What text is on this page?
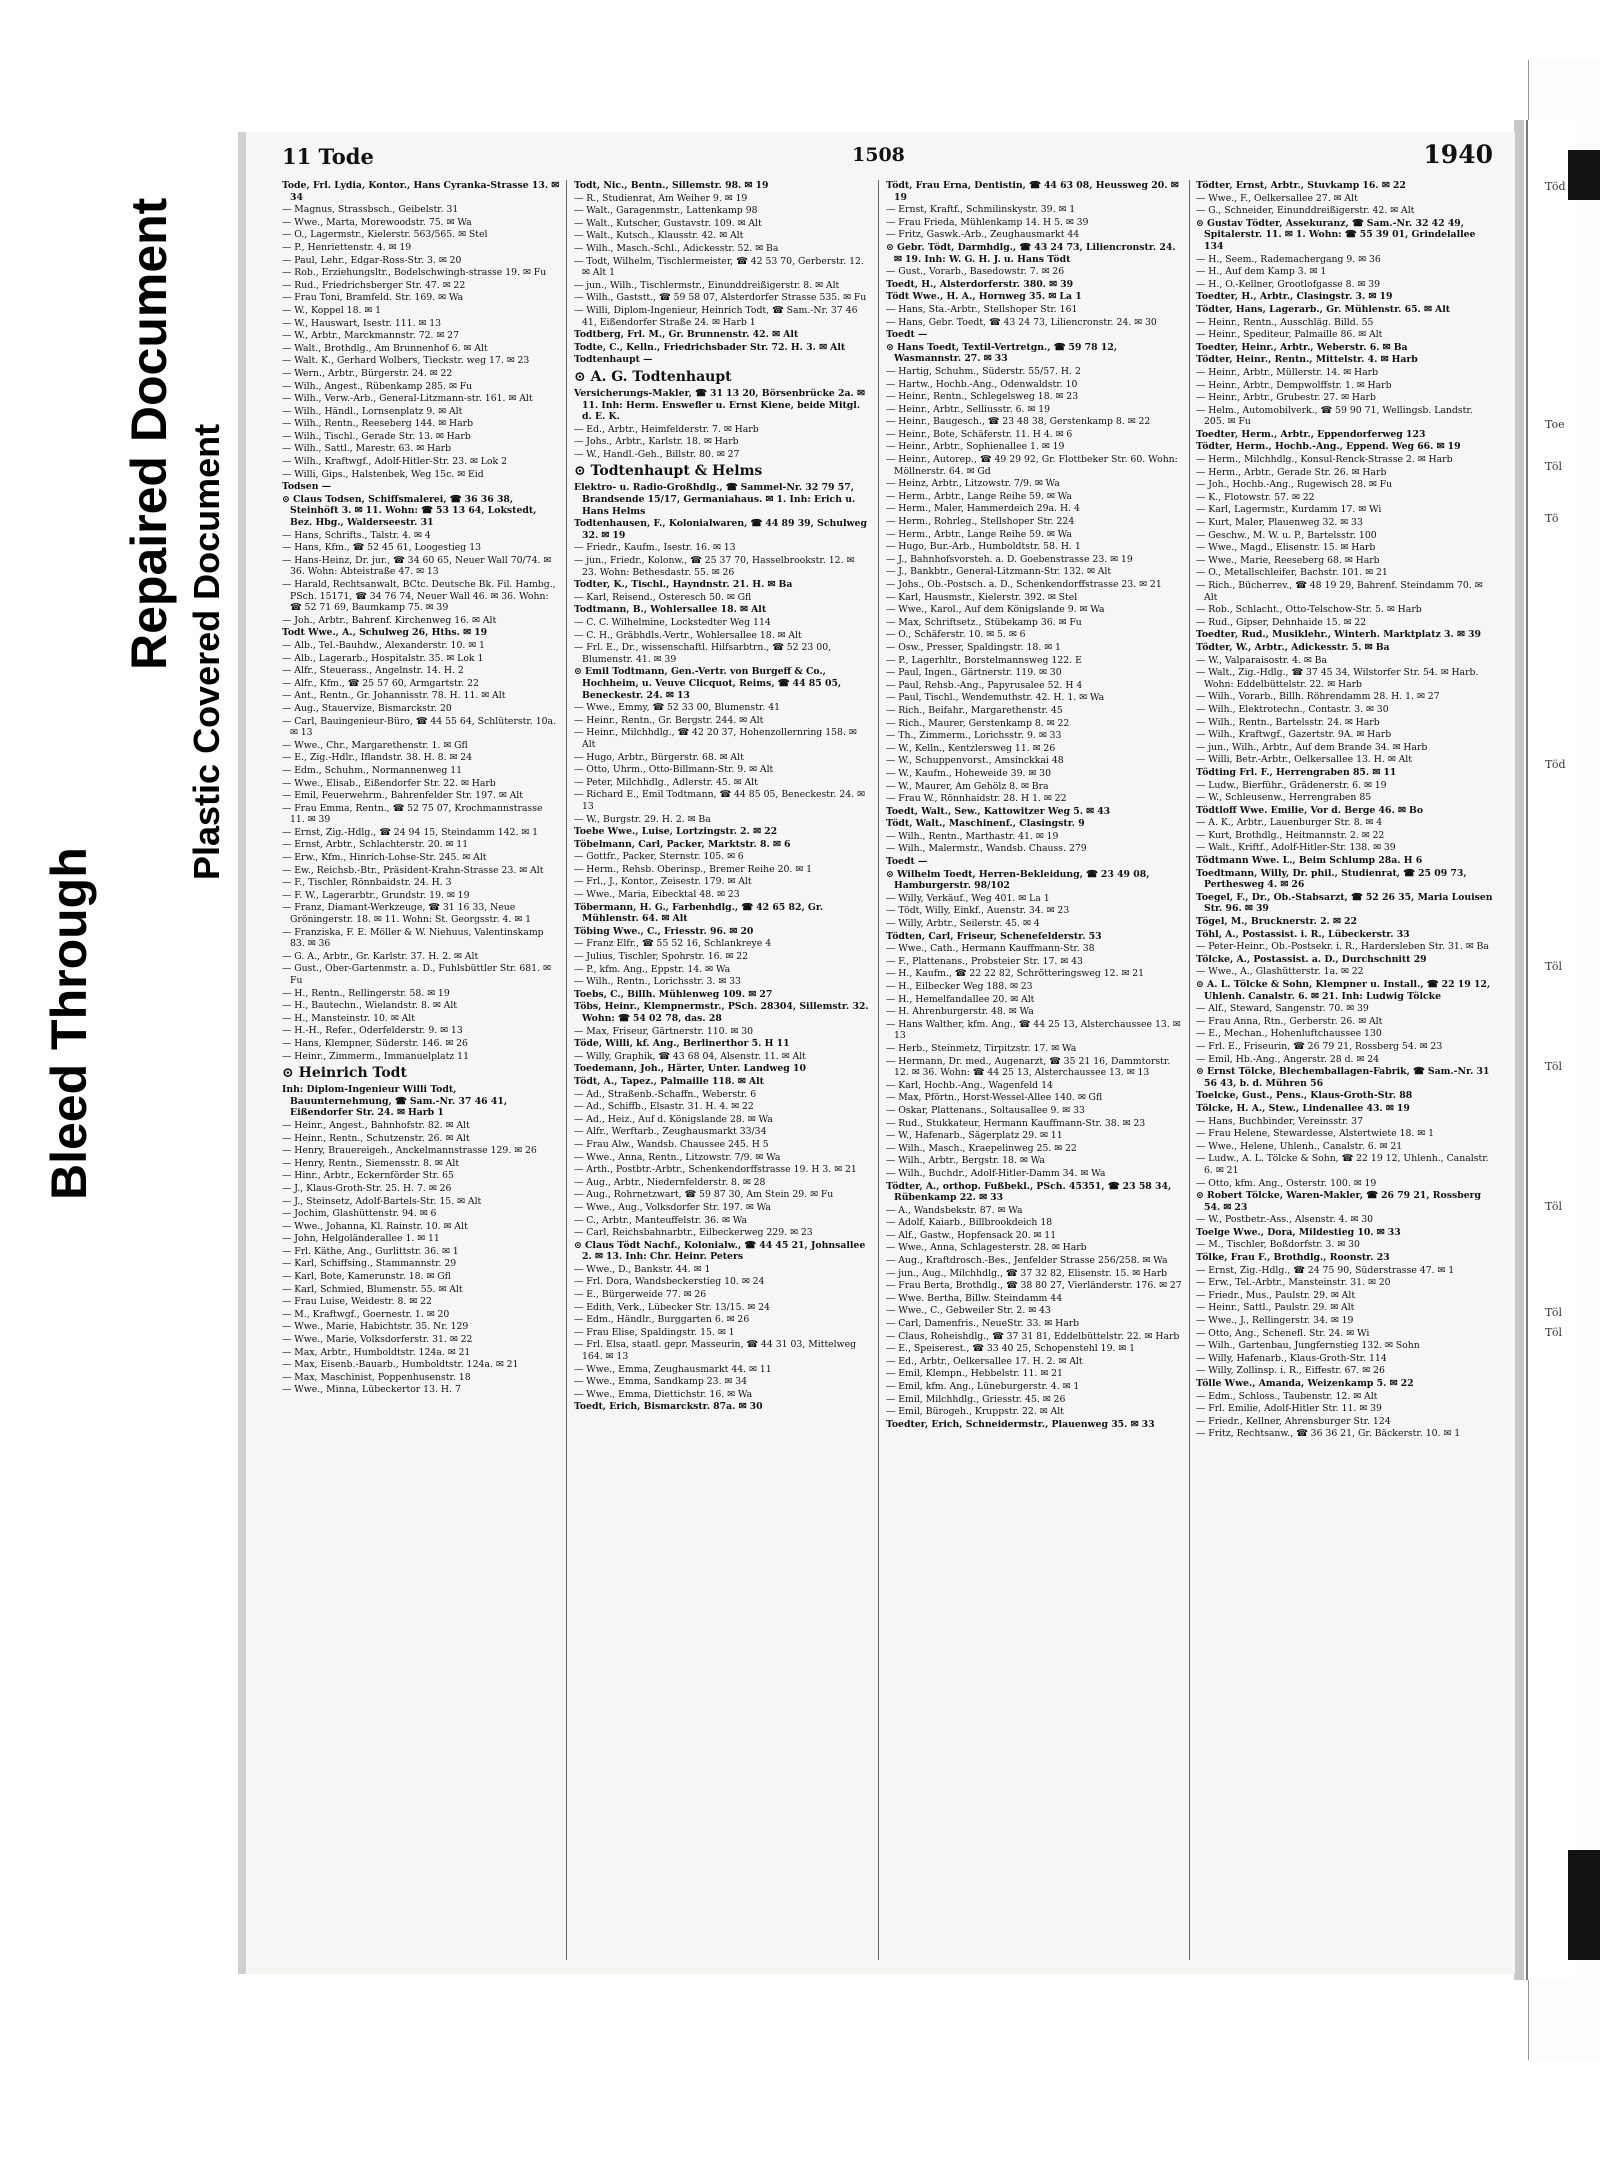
Bleed Through
Repaired Document Plastic Covered Document
Töd
Toe
Töl
Tö
Töd
Töl
Töl
Töl
Töl
Töl
11 Tode	1508	1940
Tode, Frl. Lydia, Kontor., Hans Cyranka-Strasse 13. ✉ 34
— Magnus, Strassbsch., Geibelstr. 31
— Wwe., Marta, Morewoodstr. 75. ✉ Wa
— O., Lagermstr., Kielerstr. 563/565. ✉ Stel
— P., Henriettenstr. 4. ✉ 19
— Paul, Lehr., Edgar-Ross-Str. 3. ✉ 20
— Rob., Erziehungsltr., Bodelschwingh-strasse 19. ✉ Fu
— Rud., Friedrichsberger Str. 47. ✉ 22
— Frau Toni, Bramfeld. Str. 169. ✉ Wa
— W., Koppel 18. ✉ 1
— W., Hauswart, Isestr. 111. ✉ 13
— W., Arbtr., Marckmannstr. 72. ✉ 27
— Walt., Brothdlg., Am Brunnenhof 6. ✉ Alt
— Walt. K., Gerhard Wolbers, Tieckstr. weg 17. ✉ 23
— Wern., Arbtr., Bürgerstr. 24. ✉ 22
— Wilh., Angest., Rübenkamp 285. ✉ Fu
— Wilh., Verw.-Arb., General-Litzmann-str. 161. ✉ Alt
— Wilh., Händl., Lornsenplatz 9. ✉ Alt
— Wilh., Rentn., Reeseberg 144. ✉ Harb
— Wilh., Tischl., Gerade Str. 13. ✉ Harb
— Wilh., Sattl., Marestr. 63. ✉ Harb
— Wilh., Kraftwgf., Adolf-Hitler-Str. 23. ✉ Lok 2
— Willi, Gips., Halstenbek, Weg 15c. ✉ Eid
Todsen —
⊙ Claus Todsen, Schiffsmalerei, ☎ 36 36 38, Steinhöft 3. ✉ 11. Wohn: ☎ 53 13 64, Lokstedt, Bez. Hbg., Walderseestr. 31
— Hans, Schrifts., Talstr. 4. ✉ 4
— Hans, Kfm., ☎ 52 45 61, Loogestieg 13
— Hans-Heinz, Dr. jur., ☎ 34 60 65, Neuer Wall 70/74. ✉ 36. Wohn: Abteistraße 47. ✉ 13
— Harald, Rechtsanwalt, BCtc. Deutsche Bk. Fil. Hambg., PSch. 15171, ☎ 34 76 74, Neuer Wall 46. ✉ 36. Wohn: ☎ 52 71 69, Baumkamp 75. ✉ 39
— Joh., Arbtr., Bahrenf. Kirchenweg 16. ✉ Alt
Todt Wwe., A., Schulweg 26, Hths. ✉ 19
— Alb., Tel.-Bauhdw., Alexanderstr. 10. ✉ 1
— Alb., Lagerarb., Hospitalstr. 35. ✉ Lok 1
— Alfr., Steuerass., Angelnstr. 14. H. 2
— Alfr., Kfm., ☎ 25 57 60, Armgartstr. 22
— Ant., Rentn., Gr. Johannisstr. 78. H. 11. ✉ Alt
— Aug., Stauervize, Bismarckstr. 20
— Carl, Bauingenieur-Büro, ☎ 44 55 64, Schlüterstr. 10a. ✉ 13
— Wwe., Chr., Margarethenstr. 1. ✉ Gfl
— E., Zig.-Hdlr., Iflandstr. 38. H. 8. ✉ 24
— Edm., Schuhm., Normannenweg 11
— Wwe., Elisab., Eißendorfer Str. 22. ✉ Harb
— Emil, Feuerwehrm., Bahrenfelder Str. 197. ✉ Alt
— Frau Emma, Rentn., ☎ 52 75 07, Krochmannstrasse 11. ✉ 39
— Ernst, Zig.-Hdlg., ☎ 24 94 15, Steindamm 142. ✉ 1
— Ernst, Arbtr., Schlachterstr. 20. ✉ 11
— Erw., Kfm., Hinrich-Lohse-Str. 245. ✉ Alt
— Ew., Reichsb.-Btr., Präsident-Krahn-Strasse 23. ✉ Alt
— F., Tischler, Rönnbaidstr. 24. H. 3
— F. W., Lagerarbtr., Grundstr. 19. ✉ 19
— Franz, Diamant-Werkzeuge, ☎ 31 16 33, Neue Gröningerstr. 18. ✉ 11. Wohn: St. Georgsstr. 4. ✉ 1
— Franziska, F. E. Möller & W. Niehuus, Valentinskamp 83. ✉ 36
— G. A., Arbtr., Gr. Karlstr. 37. H. 2. ✉ Alt
— Gust., Ober-Gartenmstr. a. D., Fuhlsbüttler Str. 681. ✉ Fu
— H., Rentn., Rellingerstr. 58. ✉ 19
— H., Bautechn., Wielandstr. 8. ✉ Alt
— H., Mansteinstr. 10. ✉ Alt
— H.-H., Refer., Oderfelderstr. 9. ✉ 13
— Hans, Klempner, Süderstr. 146. ✉ 26
— Heinr., Zimmerm., Immanuelplatz 11
⊙ Heinrich Todt
Inh: Diplom-Ingenieur Willi Todt, Bauunternehmung, ☎ Sam.-Nr. 37 46 41, Eißendorfer Str. 24. ✉ Harb 1
— Heinr., Angest., Bahnhofstr. 82. ✉ Alt
— Heinr., Rentn., Schutzenstr. 26. ✉ Alt
— Henry, Brauereigeh., Anckelmannstrasse 129. ✉ 26
— Henry, Rentn., Siemensstr. 8. ✉ Alt
— Hinr., Arbtr., Eckernförder Str. 65
— J., Klaus-Groth-Str. 25. H. 7. ✉ 26
— J., Steinsetz, Adolf-Bartels-Str. 15. ✉ Alt
— Jochim, Glashüttenstr. 94. ✉ 6
— Wwe., Johanna, Kl. Rainstr. 10. ✉ Alt
— John, Helgoländerallee 1. ✉ 11
— Frl. Käthe, Ang., Gurlittstr. 36. ✉ 1
— Karl, Schiffsing., Stammannstr. 29
— Karl, Bote, Kamerunstr. 18. ✉ Gfl
— Karl, Schmied, Blumenstr. 55. ✉ Alt
— Frau Luise, Weidestr. 8. ✉ 22
— M., Kraftwgf., Goernestr. 1. ✉ 20
— Wwe., Marie, Habichtstr. 35. Nr. 129
— Wwe., Marie, Volksdorferstr. 31. ✉ 22
— Max, Arbtr., Humboldtstr. 124a. ✉ 21
— Max, Eisenb.-Bauarb., Humboldtstr. 124a. ✉ 21
— Max, Maschinist, Poppenhusenstr. 18
— Wwe., Minna, Lübeckertor 13. H. 7
Todt, Nic., Bentn., Sillemstr. 98. ✉ 19
— R., Studienrat, Am Weiher 9. ✉ 19
— Walt., Garagenmstr., Lattenkamp 98
— Walt., Kutscher, Gustavstr. 109. ✉ Alt
— Walt., Kutsch., Klausstr. 42. ✉ Alt
— Wilh., Masch.-Schl., Adickesstr. 52. ✉ Ba
— Todt, Wilhelm, Tischlermeister, ☎ 42 53 70, Gerberstr. 12. ✉ Alt 1
— jun., Wilh., Tischlermstr., Einunddreißigerstr. 8. ✉ Alt
— Wilh., Gaststt., ☎ 59 58 07, Alsterdorfer Strasse 535. ✉ Fu
— Willi, Diplom-Ingenieur, Heinrich Todt, ☎ Sam.-Nr. 37 46 41, Eißendorfer Straße 24. ✉ Harb 1
Todtberg, Frl. M., Gr. Brunnenstr. 42. ✉ Alt
Todte, C., Kelln., Friedrichsbader Str. 72. H. 3. ✉ Alt
Todtenhaupt —
⊙ A. G. Todtenhaupt
Versicherungs-Makler, ☎ 31 13 20, Börsenbrücke 2a. ✉ 11. Inh: Herm. Enswefler u. Ernst Kiene, beide Mitgl. d. E. K.
— Ed., Arbtr., Heimfelderstr. 7. ✉ Harb
— Johs., Arbtr., Karlstr. 18. ✉ Harb
— W., Handl.-Geh., Billstr. 80. ✉ 27
⊙ Todtenhaupt & Helms
Elektro- u. Radio-Großhdlg., ☎ Sammel-Nr. 32 79 57, Brandsende 15/17, Germaniahaus. ✉ 1. Inh: Erich u. Hans Helms
Todtenhausen, F., Kolonialwaren, ☎ 44 89 39, Schulweg 32. ✉ 19
— Friedr., Kaufm., Isestr. 16. ✉ 13
— jun., Friedr., Kolonw., ☎ 25 37 70, Hasselbrookstr. 12. ✉ 23. Wohn: Bethesdastr. 55. ✉ 26
Todter, K., Tischl., Hayndnstr. 21. H. ✉ Ba
— Karl, Reisend., Osteresch 50. ✉ Gfl
Todtmann, B., Wohlersallee 18. ✉ Alt
— C. C. Wilhelmine, Lockstedter Weg 114
— C. H., Gräbhdls.-Vertr., Wohlersallee 18. ✉ Alt
— Frl. E., Dr., wissenschaftl. Hilfsarbtrn., ☎ 52 23 00, Blumenstr. 41. ✉ 39
⊙ Emil Todtmann, Gen.-Vertr. von Burgeff & Co., Hochheim, u. Veuve Clicquot, Reims, ☎ 44 85 05, Beneckestr. 24. ✉ 13
— Wwe., Emmy, ☎ 52 33 00, Blumenstr. 41
— Heinr., Rentn., Gr. Bergstr. 244. ✉ Alt
— Heinr., Milchhdlg., ☎ 42 20 37, Hohenzollernring 158. ✉ Alt
— Hugo, Arbtr., Bürgerstr. 68. ✉ Alt
— Otto, Uhrm., Otto-Billmann-Str. 9. ✉ Alt
— Peter, Milchhdlg., Adlerstr. 45. ✉ Alt
— Richard E., Emil Todtmann, ☎ 44 85 05, Beneckestr. 24. ✉ 13
— W., Burgstr. 29. H. 2. ✉ Ba
Toebe Wwe., Luise, Lortzingstr. 2. ✉ 22
Töbelmann, Carl, Packer, Marktstr. 8. ✉ 6
— Gottfr., Packer, Sternstr. 105. ✉ 6
— Herm., Rehsb. Oberinsp., Bremer Reihe 20. ✉ 1
— Frl., J., Kontor., Zeisestr. 179. ✉ Alt
— Wwe., Maria, Eibecktal 48. ✉ 23
Töbermann, H. G., Farbenhdlg., ☎ 42 65 82, Gr. Mühlenstr. 64. ✉ Alt
Töbing Wwe., C., Friesstr. 96. ✉ 20
— Franz Elfr., ☎ 55 52 16, Schlankreye 4
— Julius, Tischler, Spohrstr. 16. ✉ 22
— P., kfm. Ang., Eppstr. 14. ✉ Wa
— Wilh., Rentn., Lorichsstr. 3. ✉ 33
Toebs, C., Billh. Mühlenweg 109. ✉ 27
Töbs, Heinr., Klempnermstr., PSch. 28304, Sillemstr. 32. Wohn: ☎ 54 02 78, das. 28
— Max, Friseur, Gärtnerstr. 110. ✉ 30
Töde, Willi, kf. Ang., Berlinerthor 5. H 11
— Willy, Graphik, ☎ 43 68 04, Alsenstr. 11. ✉ Alt
Toedemann, Joh., Härter, Unter. Landweg 10
Tödt, A., Tapez., Palmaille 118. ✉ Alt
— Ad., Straßenb.-Schaffn., Weberstr. 6
— Ad., Schiffb., Elsastr. 31. H. 4. ✉ 22
— Ad., Heiz., Auf d. Königslande 28. ✉ Wa
— Alfr., Werftarb., Zeughausmarkt 33/34
— Frau Alw., Wandsb. Chaussee 245. H 5
— Wwe., Anna, Rentn., Litzowstr. 7/9. ✉ Wa
— Arth., Postbtr.-Arbtr., Schenkendorffstrasse 19. H 3. ✉ 21
— Aug., Arbtr., Niedernfelderstr. 8. ✉ 28
— Aug., Rohrnetzwart, ☎ 59 87 30, Am Stein 29. ✉ Fu
— Wwe., Aug., Volksdorfer Str. 197. ✉ Wa
— C., Arbtr., Manteuffelstr. 36. ✉ Wa
— Carl, Reichsbahnarbtr., Eilbeckerweg 229. ✉ 23
⊙ Claus Tödt Nachf., Kolonialw., ☎ 44 45 21, Johnsallee 2. ✉ 13. Inh: Chr. Heinr. Peters
— Wwe., D., Bankstr. 44. ✉ 1
— Frl. Dora, Wandsbeckerstieg 10. ✉ 24
— E., Bürgerweide 77. ✉ 26
— Edith, Verk., Lübecker Str. 13/15. ✉ 24
— Edm., Händlr., Burggarten 6. ✉ 26
— Frau Elise, Spaldingstr. 15. ✉ 1
— Frl. Elsa, staatl. gepr. Masseurin, ☎ 44 31 03, Mittelweg 164. ✉ 13
— Wwe., Emma, Zeughausmarkt 44. ✉ 11
— Wwe., Emma, Sandkamp 23. ✉ 34
— Wwe., Emma, Diettichstr. 16. ✉ Wa
Toedt, Erich, Bismarckstr. 87a. ✉ 30
Tödt, Frau Erna, Dentistin, ☎ 44 63 08, Heussweg 20. ✉ 19
— Ernst, Kraftf., Schmilinskystr. 39. ✉ 1
— Frau Frieda, Mühlenkamp 14. H 5. ✉ 39
— Fritz, Gaswk.-Arb., Zeughausmarkt 44
⊙ Gebr. Tödt, Darmhdlg., ☎ 43 24 73, Liliencronstr. 24. ✉ 19. Inh: W. G. H. J. u. Hans Tödt
— Gust., Vorarb., Basedowstr. 7. ✉ 26
Toedt, H., Alsterdorferstr. 380. ✉ 39
Tödt Wwe., H. A., Hornweg 35. ✉ La 1
— Hans, Sta.-Arbtr., Stellshoper Str. 161
— Hans, Gebr. Toedt, ☎ 43 24 73, Liliencronstr. 24. ✉ 30
Toedt —
⊙ Hans Toedt, Textil-Vertretgn., ☎ 59 78 12, Wasmannstr. 27. ✉ 33
— Hartig, Schuhm., Süderstr. 55/57. H. 2
— Hartw., Hochb.-Ang., Odenwaldstr. 10
— Heinr., Rentn., Schlegelsweg 18. ✉ 23
— Heinr., Arbtr., Selliusstr. 6. ✉ 19
— Heinr., Baugesch., ☎ 23 48 38, Gerstenkamp 8. ✉ 22
— Heinr., Bote, Schäferstr. 11. H 4. ✉ 6
— Heinr., Arbtr., Sophienallee 1. ✉ 19
— Heinr., Autorep., ☎ 49 29 92, Gr. Flottbeker Str. 60. Wohn: Möllnerstr. 64. ✉ Gd
— Heinz, Arbtr., Litzowstr. 7/9. ✉ Wa
— Herm., Arbtr., Lange Reihe 59. ✉ Wa
— Herm., Maler, Hammerdeich 29a. H. 4
— Herm., Rohrleg., Stellshoper Str. 224
— Herm., Arbtr., Lange Reihe 59. ✉ Wa
— Hugo, Bur.-Arb., Humboldtstr. 58. H. 1
— J., Bahnhofsvorsteh. a. D. Goebenstrasse 23. ✉ 19
— J., Bankbtr., General-Litzmann-Str. 132. ✉ Alt
— Johs., Ob.-Postsch. a. D., Schenkendorffstrasse 23. ✉ 21
— Karl, Hausmstr., Kielerstr. 392. ✉ Stel
— Wwe., Karol., Auf dem Königslande 9. ✉ Wa
— Max, Schriftsetz., Stübekamp 36. ✉ Fu
— O., Schäferstr. 10. ✉ 5. ✉ 6
— Osw., Presser, Spaldingstr. 18. ✉ 1
— P., Lagerhltr., Borstelmannsweg 122. E
— Paul, Ingen., Gärtnerstr. 119. ✉ 30
— Paul, Rehsb.-Ang., Papyrusalee 52. H 4
— Paul, Tischl., Wendemuthstr. 42. H. 1. ✉ Wa
— Rich., Beifahr., Margarethenstr. 45
— Rich., Maurer, Gerstenkamp 8. ✉ 22
— Th., Zimmerm., Lorichsstr. 9. ✉ 33
— W., Kelln., Kentzlersweg 11. ✉ 26
— W., Schuppenvorst., Amsinckkai 48
— W., Kaufm., Hoheweide 39. ✉ 30
— W., Maurer, Am Gehölz 8. ✉ Bra
— Frau W., Rönnhaidstr. 28. H 1. ✉ 22
Toedt, Walt., Sew., Kattowitzer Weg 5. ✉ 43
Tödt, Walt., Maschinenf., Clasingstr. 9
— Wilh., Rentn., Marthastr. 41. ✉ 19
— Wilh., Malermstr., Wandsb. Chauss. 279
Toedt —
⊙ Wilhelm Toedt, Herren-Bekleidung, ☎ 23 49 08, Hamburgerstr. 98/102
— Willy, Verkäuf., Weg 401. ✉ La 1
— Tödt, Willy, Einkf., Auenstr. 34. ✉ 23
— Willy, Arbtr., Seilerstr. 45. ✉ 4
Tödten, Carl, Friseur, Schenefelderstr. 53
— Wwe., Cath., Hermann Kauffmann-Str. 38
— F., Plattenans., Probsteier Str. 17. ✉ 43
— H., Kaufm., ☎ 22 22 82, Schrötteringsweg 12. ✉ 21
— H., Eilbecker Weg 188. ✉ 23
— H., Hemelfandallee 20. ✉ Alt
— H. Ahrenburgerstr. 48. ✉ Wa
— Hans Walther, kfm. Ang., ☎ 44 25 13, Alsterchaussee 13. ✉ 13
— Herb., Steinmetz, Tirpitzstr. 17. ✉ Wa
— Hermann, Dr. med., Augenarzt, ☎ 35 21 16, Dammtorstr. 12. ✉ 36. Wohn: ☎ 44 25 13, Alsterchaussee 13. ✉ 13
— Karl, Hochb.-Ang., Wagenfeld 14
— Max, Pförtn., Horst-Wessel-Allee 140. ✉ Gfl
— Oskar, Plattenans., Soltausallee 9. ✉ 33
— Rud., Stukkateur, Hermann Kauffmann-Str. 38. ✉ 23
— W., Hafenarb., Sägerplatz 29. ✉ 11
— Wilh., Masch., Kraepelinweg 25. ✉ 22
— Wilh., Arbtr., Bergstr. 18. ✉ Wa
— Wilh., Buchdr., Adolf-Hitler-Damm 34. ✉ Wa
Tödter, A., orthop. Fußbekl., PSch. 45351, ☎ 23 58 34, Rübenkamp 22. ✉ 33
— A., Wandsbekstr. 87. ✉ Wa
— Adolf, Kaiarb., Billbrookdeich 18
— Alf., Gastw., Hopfensack 20. ✉ 11
— Wwe., Anna, Schlagesterstr. 28. ✉ Harb
— Aug., Kraftdrosch.-Bes., Jenfelder Strasse 256/258. ✉ Wa
— jun., Aug., Milchhdlg., ☎ 37 32 82, Elisenstr. 15. ✉ Harb
— Frau Berta, Brothdlg., ☎ 38 80 27, Vierländerstr. 176. ✉ 27
— Wwe. Bertha, Billw. Steindamm 44
— Wwe., C., Gebweiler Str. 2. ✉ 43
— Carl, Damenfris., NeueStr. 33. ✉ Harb
— Claus, Roheishdlg., ☎ 37 31 81, Eddelbüttelstr. 22. ✉ Harb
— E., Speiserest., ☎ 33 40 25, Schopenstehl 19. ✉ 1
— Ed., Arbtr., Oelkersallee 17. H. 2. ✉ Alt
— Emil, Klempn., Hebbelstr. 11. ✉ 21
— Emil, kfm. Ang., Lüneburgerstr. 4. ✉ 1
— Emil, Milchhdlg., Griesstr. 45. ✉ 26
— Emil, Bürogeh., Kruppstr. 22. ✉ Alt
Toedter, Erich, Schneidermstr., Plauenweg 35. ✉ 33
Tödter, Ernst, Arbtr., Stuvkamp 16. ✉ 22
— Wwe., F., Oelkersallee 27. ✉ Alt
— G., Schneider, Einunddreißigerstr. 42. ✉ Alt
⊙ Gustav Tödter, Assekuranz, ☎ Sam.-Nr. 32 42 49, Spitalerstr. 11. ✉ 1. Wohn: ☎ 55 39 01, Grindelallee 134
— H., Seem., Rademachergang 9. ✉ 36
— H., Auf dem Kamp 3. ✉ 1
— H., O.-Kellner, Grootlofgasse 8. ✉ 39
Toedter, H., Arbtr., Clasingstr. 3. ✉ 19
Tödter, Hans, Lagerarb., Gr. Mühlenstr. 65. ✉ Alt
— Heinr., Rentn., Ausschläg. Billd. 55
— Heinr., Spediteur, Palmaille 86. ✉ Alt
Toedter, Heinr., Arbtr., Weberstr. 6. ✉ Ba
Tödter, Heinr., Rentn., Mittelstr. 4. ✉ Harb
— Heinr., Arbtr., Müllerstr. 14. ✉ Harb
— Heinr., Arbtr., Dempwolffstr. 1. ✉ Harb
— Heinr., Arbtr., Grubestr. 27. ✉ Harb
— Helm., Automobilverk., ☎ 59 90 71, Wellingsb. Landstr. 205. ✉ Fu
Toedter, Herm., Arbtr., Eppendorferweg 123
Tödter, Herm., Hochb.-Ang., Eppend. Weg 66. ✉ 19
— Herm., Milchhdlg., Konsul-Renck-Strasse 2. ✉ Harb
— Herm., Arbtr., Gerade Str. 26. ✉ Harb
— Joh., Hochb.-Ang., Rugewisch 28. ✉ Fu
— K., Flotowstr. 57. ✉ 22
— Karl, Lagermstr., Kurdamm 17. ✉ Wi
— Kurt, Maler, Plauenweg 32. ✉ 33
— Geschw., M. W. u. P., Bartelsstr. 100
— Wwe., Magd., Elisenstr. 15. ✉ Harb
— Wwe., Marie, Reeseberg 68. ✉ Harb
— O., Metallschleifer, Bachstr. 101. ✉ 21
— Rich., Bücherrev., ☎ 48 19 29, Bahrenf. Steindamm 70. ✉ Alt
— Rob., Schlacht., Otto-Telschow-Str. 5. ✉ Harb
— Rud., Gipser, Dehnhaide 15. ✉ 22
Toedter, Rud., Musiklehr., Winterh. Marktplatz 3. ✉ 39
Tödter, W., Arbtr., Adickesstr. 5. ✉ Ba
— W., Valparaisostr. 4. ✉ Ba
— Walt., Zig.-Hdlg., ☎ 37 45 34, Wilstorfer Str. 54. ✉ Harb. Wohn: Eddelbüttelstr. 22. ✉ Harb
— Wilh., Vorarb., Billh. Röhrendamm 28. H. 1. ✉ 27
— Wilh., Elektrotechn., Contastr. 3. ✉ 30
— Wilh., Rentn., Bartelsstr. 24. ✉ Harb
— Wilh., Kraftwgf., Gazertstr. 9A. ✉ Harb
— jun., Wilh., Arbtr., Auf dem Brande 34. ✉ Harb
— Willi, Betr.-Arbtr., Oelkersallee 13. H. ✉ Alt
Tödting Frl. F., Herrengraben 85. ✉ 11
— Ludw., Bierführ., Grädenerstr. 6. ✉ 19
— W., Schleusenw., Herrengraben 85
Tödtloff Wwe. Emilie, Vor d. Berge 46. ✉ Bo
— A. K., Arbtr., Lauenburger Str. 8. ✉ 4
— Kurt, Brothdlg., Heitmannstr. 2. ✉ 22
— Walt., Kriftf., Adolf-Hitler-Str. 138. ✉ 39
Tödtmann Wwe. L., Beim Schlump 28a. H 6
Toedtmann, Willy, Dr. phil., Studienrat, ☎ 25 09 73, Perthesweg 4. ✉ 26
Toegel, F., Dr., Ob.-Stabsarzt, ☎ 52 26 35, Maria Louisen Str. 96. ✉ 39
Tögel, M., Brucknerstr. 2. ✉ 22
Töhl, A., Postassist. i. R., Lübeckerstr. 33
— Peter-Heinr., Ob.-Postsekr. i. R., Hardersleben Str. 31. ✉ Ba
Tölcke, A., Postassist. a. D., Durchschnitt 29
— Wwe., A., Glashütterstr. 1a. ✉ 22
⊙ A. L. Tölcke & Sohn, Klempner u. Install., ☎ 22 19 12, Uhlenh. Canalstr. 6. ✉ 21. Inh: Ludwig Tölcke
— Alf., Steward, Sangenstr. 70. ✉ 39
— Frau Anna, Rtn., Gerberstr. 26. ✉ Alt
— E., Mechan., Hohenluftchaussee 130
— Frl. E., Friseurin, ☎ 26 79 21, Rossberg 54. ✉ 23
— Emil, Hb.-Ang., Angerstr. 28 d. ✉ 24
⊙ Ernst Tölcke, Blechemballagen-Fabrik, ☎ Sam.-Nr. 31 56 43, b. d. Mühren 56
Toelcke, Gust., Pens., Klaus-Groth-Str. 88
Tölcke, H. A., Stew., Lindenallee 43. ✉ 19
— Hans, Buchbinder, Vereinsstr. 37
— Frau Helene, Stewardesse, Alstertwiete 18. ✉ 1
— Wwe., Helene, Uhlenh., Canalstr. 6. ✉ 21
— Ludw., A. L. Tölcke & Sohn, ☎ 22 19 12, Uhlenh., Canalstr. 6. ✉ 21
— Otto, kfm. Ang., Osterstr. 100. ✉ 19
⊙ Robert Tölcke, Waren-Makler, ☎ 26 79 21, Rossberg 54. ✉ 23
— W., Postbetr.-Ass., Alsenstr. 4. ✉ 30
Toelge Wwe., Dora, Mildestieg 10. ✉ 33
— M., Tischler, Boßdorfstr. 3. ✉ 30
Tölke, Frau F., Brothdlg., Roonstr. 23
— Ernst, Zig.-Hdlg., ☎ 24 75 90, Süderstrasse 47. ✉ 1
— Erw., Tel.-Arbtr., Mansteinstr. 31. ✉ 20
— Friedr., Mus., Paulstr. 29. ✉ Alt
— Heinr., Sattl., Paulstr. 29. ✉ Alt
— Wwe., J., Rellingerstr. 34. ✉ 19
— Otto, Ang., Schenefl. Str. 24. ✉ Wi
— Wilh., Gartenbau, Jungfernstieg 132. ✉ Sohn
— Willy, Hafenarb., Klaus-Groth-Str. 114
— Willy, Zollinsp. i. R., Eiffestr. 67. ✉ 26
Tölle Wwe., Amanda, Weizenkamp 5. ✉ 22
— Edm., Schloss., Taubenstr. 12. ✉ Alt
— Frl. Emilie, Adolf-Hitler Str. 11. ✉ 39
— Friedr., Kellner, Ahrensburger Str. 124
— Fritz, Rechtsanw., ☎ 36 36 21, Gr. Bäckerstr. 10. ✉ 1
